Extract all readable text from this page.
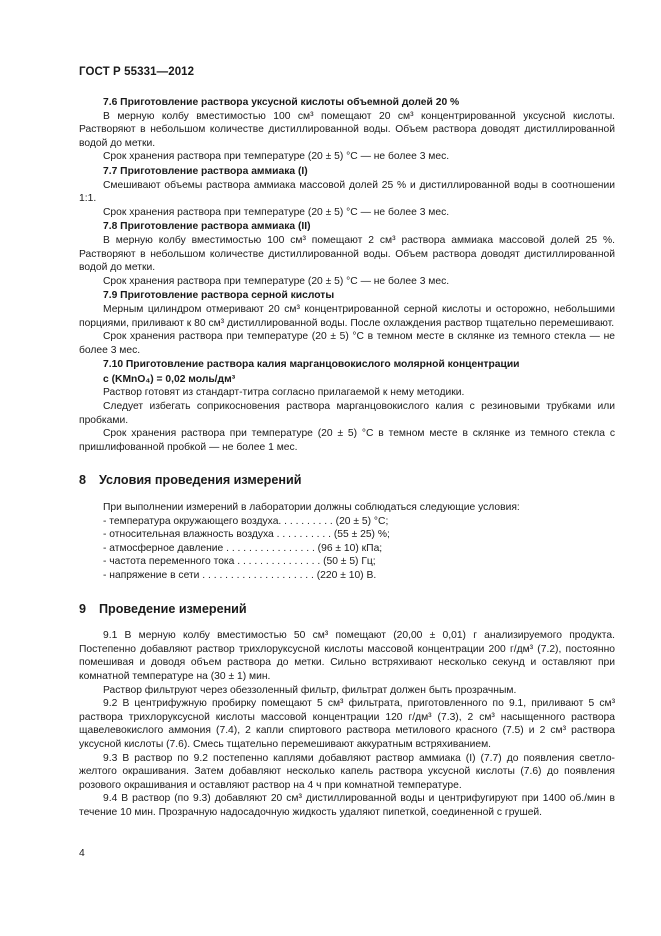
ГОСТ Р 55331—2012

7.6 Приготовление раствора уксусной кислоты объемной долей 20 %

В мерную колбу вместимостью 100 см³ помещают 20 см³ концентрированной уксусной кислоты. Растворяют в небольшом количестве дистиллированной воды. Объем раствора доводят дистиллированной водой до метки.

Срок хранения раствора при температуре (20 ± 5) °С — не более 3 мес.

7.7 Приготовление раствора аммиака (I)

Смешивают объемы раствора аммиака массовой долей 25 % и дистиллированной воды в соотношении 1:1.

Срок хранения раствора при температуре (20 ± 5) °С — не более 3 мес.

7.8 Приготовление раствора аммиака (II)

В мерную колбу вместимостью 100 см³ помещают 2 см³ раствора аммиака массовой долей 25 %. Растворяют в небольшом количестве дистиллированной воды. Объем раствора доводят дистиллированной водой до метки.

Срок хранения раствора при температуре (20 ± 5) °С — не более 3 мес.

7.9 Приготовление раствора серной кислоты

Мерным цилиндром отмеривают 20 см³ концентрированной серной кислоты и осторожно, небольшими порциями, приливают к 80 см³ дистиллированной воды. После охлаждения раствор тщательно перемешивают.

Срок хранения раствора при температуре (20 ± 5) °С в темном месте в склянке из темного стекла — не более 3 мес.

7.10 Приготовление раствора калия марганцовокислого молярной концентрации

с (KMnO₄) = 0,02 моль/дм³

Раствор готовят из стандарт-титра согласно прилагаемой к нему методики.

Следует избегать соприкосновения раствора марганцовокислого калия с резиновыми трубками или пробками.

Срок хранения раствора при температуре (20 ± 5) °С в темном месте в склянке из темного стекла с пришлифованной пробкой — не более 1 мес.

8 Условия проведения измерений

При выполнении измерений в лаборатории должны соблюдаться следующие условия:

- температура окружающего воздуха. . . . . . . . . . (20 ± 5) °С;

- относительная влажность воздуха . . . . . . . . . . (55 ± 25) %;

- атмосферное давление . . . . . . . . . . . . . . . . (96 ± 10) кПа;

- частота переменного тока . . . . . . . . . . . . . . . (50 ± 5) Гц;

- напряжение в сети . . . . . . . . . . . . . . . . . . . . (220 ± 10) В.

9 Проведение измерений

9.1 В мерную колбу вместимостью 50 см³ помещают (20,00 ± 0,01) г анализируемого продукта. Постепенно добавляют раствор трихлоруксусной кислоты массовой концентрации 200 г/дм³ (7.2), постоянно помешивая и доводя объем раствора до метки. Сильно встряхивают несколько секунд и оставляют при комнатной температуре на (30 ± 1) мин.

Раствор фильтруют через обеззоленный фильтр, фильтрат должен быть прозрачным.

9.2 В центрифужную пробирку помещают 5 см³ фильтрата, приготовленного по 9.1, приливают 5 см³ раствора трихлоруксусной кислоты массовой концентрации 120 г/дм³ (7.3), 2 см³ насыщенного раствора щавелевокислого аммония (7.4), 2 капли спиртового раствора метилового красного (7.5) и 2 см³ раствора уксусной кислоты (7.6). Смесь тщательно перемешивают аккуратным встряхиванием.

9.3 В раствор по 9.2 постепенно каплями добавляют раствор аммиака (I) (7.7) до появления светло-желтого окрашивания. Затем добавляют несколько капель раствора уксусной кислоты (7.6) до появления розового окрашивания и оставляют раствор на 4 ч при комнатной температуре.

9.4 В раствор (по 9.3) добавляют 20 см³ дистиллированной воды и центрифугируют при 1400 об./мин в течение 10 мин. Прозрачную надосадочную жидкость удаляют пипеткой, соединенной с грушей.

4
